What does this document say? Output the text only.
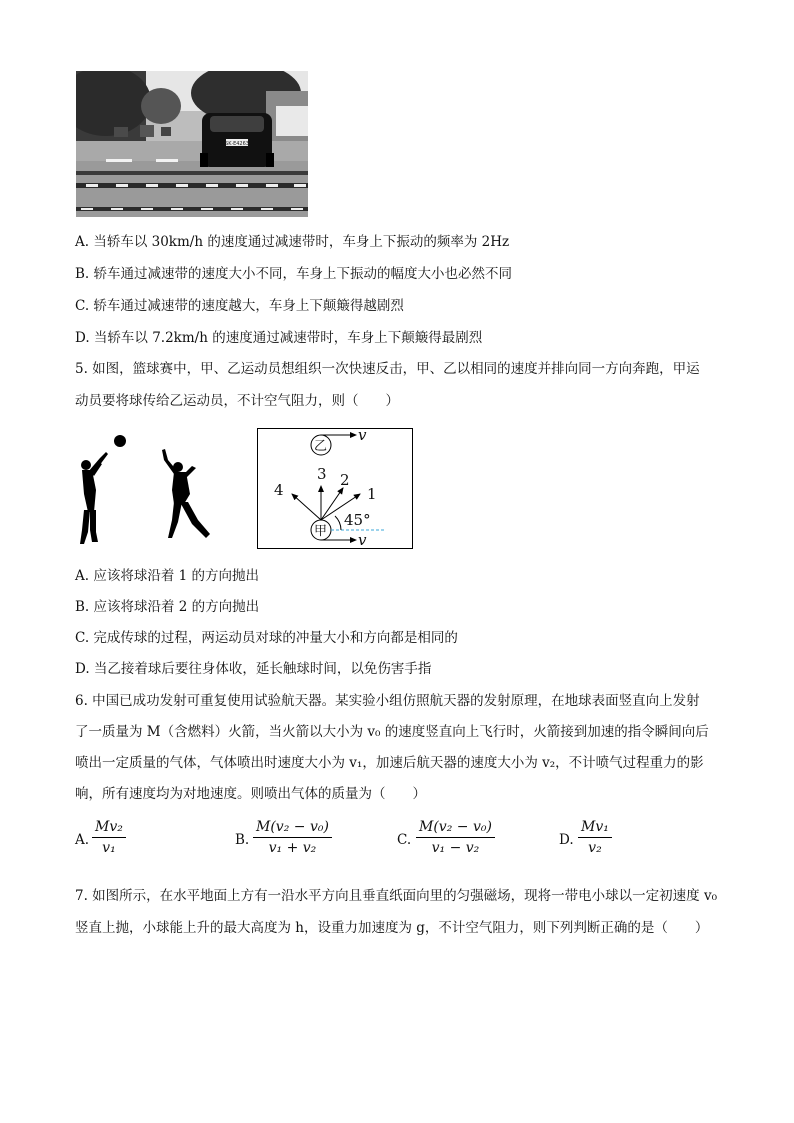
SK·E4263
A. 当轿车以 30km/h 的速度通过减速带时，车身上下振动的频率为 2Hz
B. 轿车通过减速带的速度大小不同，车身上下振动的幅度大小也必然不同
C. 轿车通过减速带的速度越大，车身上下颠簸得越剧烈
D. 当轿车以 7.2km/h 的速度通过减速带时，车身上下颠簸得最剧烈
5. 如图，篮球赛中，甲、乙运动员想组织一次快速反击，甲、乙以相同的速度并排向同一方向奔跑，甲运
动员要将球传给乙运动员，不计空气阻力，则（　　）
乙
甲
v
v
1
2
3
4
45°
A. 应该将球沿着 1 的方向抛出
B. 应该将球沿着 2 的方向抛出
C. 完成传球的过程，两运动员对球的冲量大小和方向都是相同的
D. 当乙接着球后要往身体收，延长触球时间，以免伤害手指
6. 中国已成功发射可重复使用试验航天器。某实验小组仿照航天器的发射原理，在地球表面竖直向上发射
了一质量为 M（含燃料）火箭，当火箭以大小为 v₀ 的速度竖直向上飞行时，火箭接到加速的指令瞬间向后
喷出一定质量的气体，气体喷出时速度大小为 v₁，加速后航天器的速度大小为 v₂，不计喷气过程重力的影
响，所有速度均为对地速度。则喷出气体的质量为（　　）
A.
Mv₂
v₁	B.
M(v₂ − v₀)
v₁ + v₂	C.
M(v₂ − v₀)
v₁ − v₂	D.
Mv₁
v₂
7. 如图所示，在水平地面上方有一沿水平方向且垂直纸面向里的匀强磁场，现将一带电小球以一定初速度 v₀
竖直上抛，小球能上升的最大高度为 h，设重力加速度为 g，不计空气阻力，则下列判断正确的是（　　）
